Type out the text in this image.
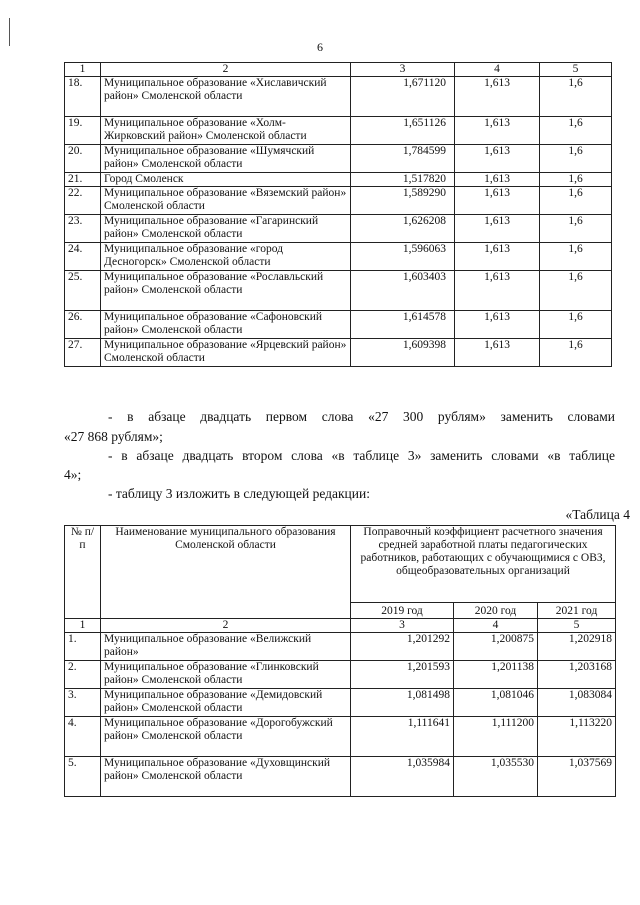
6
1	2	3	4	5
18.	Муниципальное образование «Хиславичский район» Смоленской области	1,671120	1,613	1,6
19.	Муниципальное образование «Холм-Жирковский район» Смоленской области	1,651126	1,613	1,6
20.	Муниципальное образование «Шумячский район» Смоленской области	1,784599	1,613	1,6
21.	Город Смоленск	1,517820	1,613	1,6
22.	Муниципальное образование «Вяземский район» Смоленской области	1,589290	1,613	1,6
23.	Муниципальное образование «Гагаринский район» Смоленской области	1,626208	1,613	1,6
24.	Муниципальное образование «город Десногорск» Смоленской области	1,596063	1,613	1,6
25.	Муниципальное образование «Рославльский район» Смоленской области	1,603403	1,613	1,6
26.	Муниципальное образование «Сафоновский район» Смоленской области	1,614578	1,613	1,6
27.	Муниципальное образование «Ярцевский район» Смоленской области	1,609398	1,613	1,6
- в абзаце двадцать первом слова «27 300 рублям» заменить словами
«27 868 рублям»;
- в абзаце двадцать втором слова «в таблице 3» заменить словами «в таблице
4»;
- таблицу 3 изложить в следующей редакции:
«Таблица 4
№ п/п	Наименование муниципального образования Смоленской области	Поправочный коэффициент расчетного значения средней заработной платы педагогических работников, работающих с обучающимися с ОВЗ, общеобразовательных организаций		
		2019 год	2020 год	2021 год
1	2	3	4	5
1.	Муниципальное образование «Велижский район»	1,201292	1,200875	1,202918
2.	Муниципальное образование «Глинковский район» Смоленской области	1,201593	1,201138	1,203168
3.	Муниципальное образование «Демидовский район» Смоленской области	1,081498	1,081046	1,083084
4.	Муниципальное образование «Дорогобужский район» Смоленской области	1,111641	1,111200	1,113220
5.	Муниципальное образование «Духовщинский район» Смоленской области	1,035984	1,035530	1,037569
